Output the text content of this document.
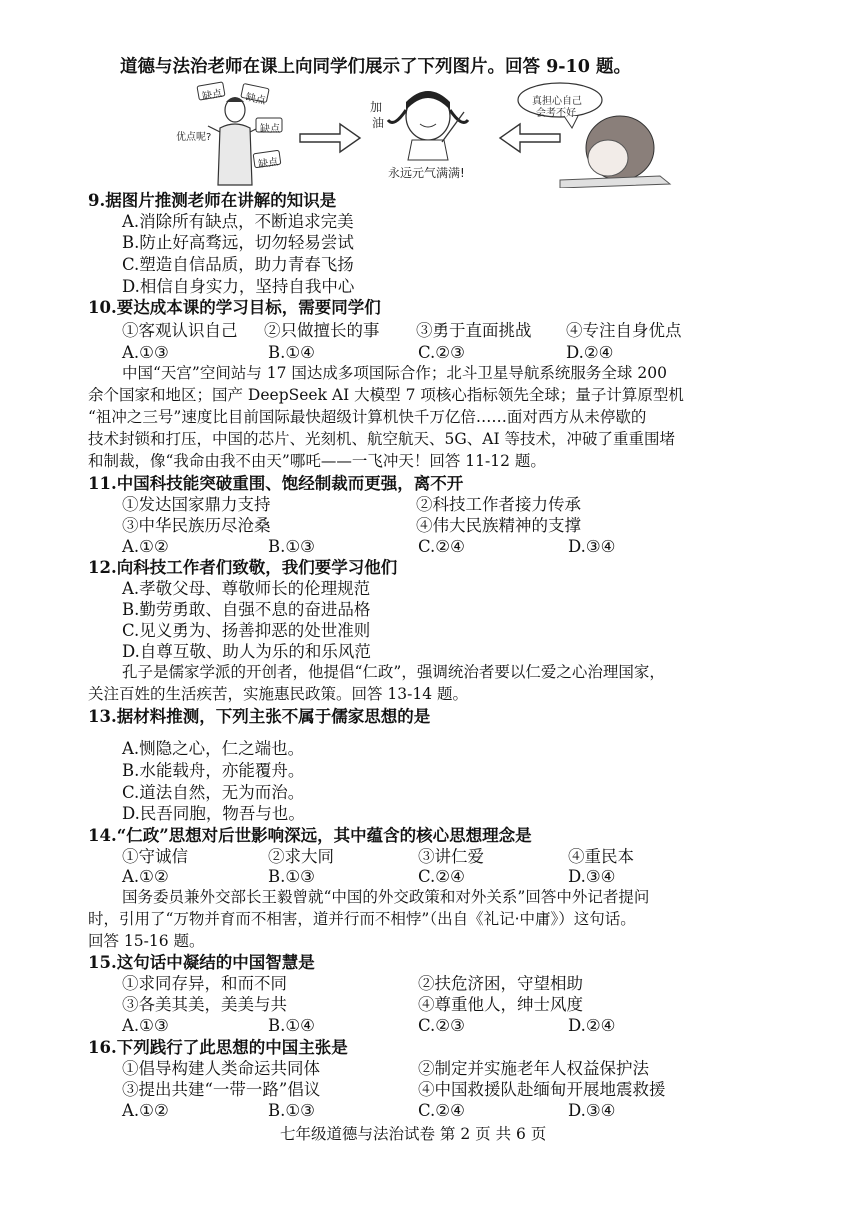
道德与法治老师在课上向同学们展示了下列图片。回答 9-10 题。
缺点 缺点
缺点
缺点
优点呢?
加
油
永远元气满满!
真担心自己
会考不好
9.据图片推测老师在讲解的知识是
A.消除所有缺点，不断追求完美
B.防止好高骛远，切勿轻易尝试
C.塑造自信品质，助力青春飞扬
D.相信自身实力，坚持自我中心
10.要达成本课的学习目标，需要同学们
①客观认识自己 ②只做擅长的事 ③勇于直面挑战 ④专注自身优点
A.①③	B.①④	C.②③	D.②④
中国“天宫”空间站与 17 国达成多项国际合作；北斗卫星导航系统服务全球 200
余个国家和地区；国产 DeepSeek AI 大模型 7 项核心指标领先全球；量子计算原型机
“祖冲之三号”速度比目前国际最快超级计算机快千万亿倍……面对西方从未停歇的
技术封锁和打压，中国的芯片、光刻机、航空航天、5G、AI 等技术，冲破了重重围堵
和制裁，像“我命由我不由天”哪吒——一飞冲天！回答 11-12 题。
11.中国科技能突破重围、饱经制裁而更强，离不开
①发达国家鼎力支持	②科技工作者接力传承
③中华民族历尽沧桑	④伟大民族精神的支撑
A.①②	B.①③	C.②④	D.③④
12.向科技工作者们致敬，我们要学习他们
A.孝敬父母、尊敬师长的伦理规范
B.勤劳勇敢、自强不息的奋进品格
C.见义勇为、扬善抑恶的处世准则
D.自尊互敬、助人为乐的和乐风范
孔子是儒家学派的开创者，他提倡“仁政”，强调统治者要以仁爱之心治理国家，
关注百姓的生活疾苦，实施惠民政策。回答 13-14 题。
13.据材料推测，下列主张不属于儒家思想的是
A.恻隐之心，仁之端也。
B.水能载舟，亦能覆舟。
C.道法自然，无为而治。
D.民吾同胞，物吾与也。
14.“仁政”思想对后世影响深远，其中蕴含的核心思想理念是
①守诚信	②求大同	③讲仁爱	④重民本
A.①②	B.①③	C.②④	D.③④
国务委员兼外交部长王毅曾就“中国的外交政策和对外关系”回答中外记者提问
时，引用了“万物并育而不相害，道并行而不相悖”（出自《礼记·中庸》）这句话。
回答 15-16 题。
15.这句话中凝结的中国智慧是
①求同存异，和而不同	②扶危济困，守望相助
③各美其美，美美与共	④尊重他人，绅士风度
A.①③	B.①④	C.②③	D.②④
16.下列践行了此思想的中国主张是
①倡导构建人类命运共同体	②制定并实施老年人权益保护法
③提出共建“一带一路”倡议	④中国救援队赴缅甸开展地震救援
A.①②	B.①③	C.②④	D.③④
七年级道德与法治试卷 第 2 页 共 6 页
